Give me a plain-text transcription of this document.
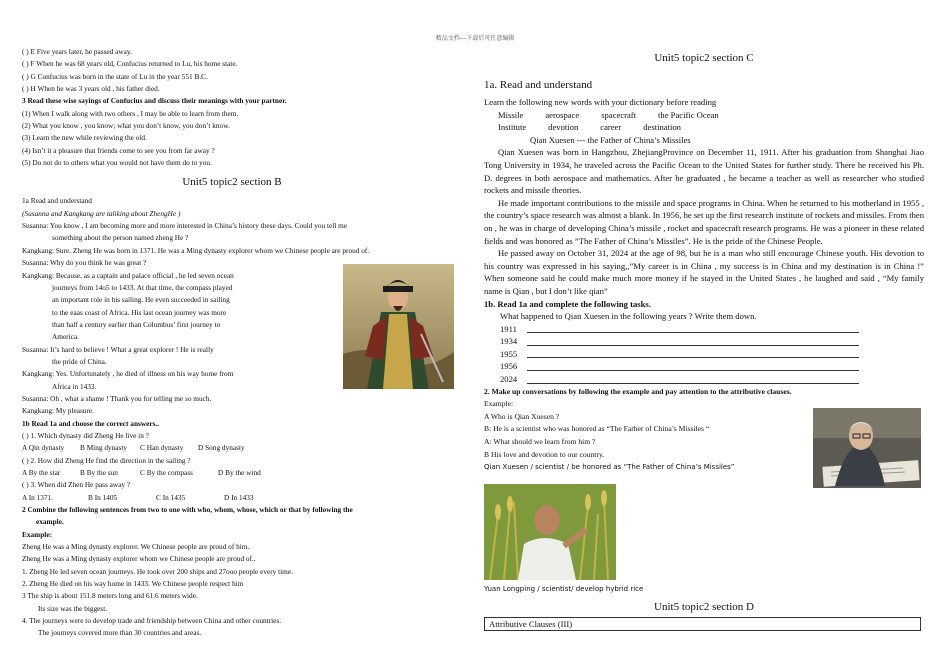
精品文档---下载后可任意编辑
( ) E Five years later, he passed away.
( ) F When he was 68 years old, Confucius returned to Lu, his home state.
( ) G Confucius was born in the state of Lu in the year 551 B.C.
( ) H When he was 3 years old , his father died.
3 Read these wise sayings of Confucius and discuss their meanings with your partner.
(1) When I walk along with two others , I may be able to learn from them.
(2) What you know , you know; what you don’t know, you don’t know.
(3) Learn the new while reviewing the old.
(4) Isn’t it a pleasure that friends come to see you from far away ?
(5) Do not do to others what you would not have them do to you.
Unit5 topic2 section B
1a Read and understand
(Susanna and Kangkang are taliking about ZhengHe )
Susanna: You know , I am becoming more and more interested in China’s history these days. Could you tell me
something about the person named zheng He ?
Kangkang: Sure. Zheng He was born in 1371. He was a Ming dynasty explorer whom we Chinese people are proud of.
Susanna: Why do you think he was great ?
Kangkang: Because, as a captain and palace official , he led seven ocean
journeys from 14o5 to 1433. At that time, the compass played
an important role in his sailing. He even succeeded in sailing
to the eaas coast of Africa. His last ocean journey was more
than half a century earlier than Columbus’ first journey to
America.
Susanna: It’s hard to believe ! What a great explorer ! He is really
the pride of China.
Kangkang: Yes. Unfortunately , he died of illness on his way home from
Africa in 1433.
Susanna: Oh , what a shame ! Thank you for telling me so much.
Kangkang: My pleasure.
1b Read 1a and choose the correct answers..
( ) 1. Which dynasty did Zheng He live in ?
A Qin dynasty B Ming dynasty C Han dynasty D Song dynasty
( ) 2. How did Zheng He find the direction in the sailing ?
A By the star	B By the sun	C By the compass	D By the wind
( ) 3. When did Zhen He pass away ?
A In 1371.	B In 1405	C In 1435	D In 1433
2 Combine the following sentences from two to one with who, whom, whose, which or that by following the
example.
Example:
Zheng He was a Ming dynasty explorer. We Chinese people are proud of him.
Zheng He was a Ming dynasty explorer whom we Chinese people are proud of..
1. Zheng He led seven ocean journeys. He took over 200 ships and 27ooo people every time.
2. Zheng He died on his way home in 1433. We Chinese people respect him
3 The ship is about 151.8 meters long and 61.6 meters wide.
Its size was the biggest.
4. The journeys were to develop trade and friendship between China and other countries.
The journeys covered more than 30 countries and areas.
Unit5 topic2 section C
1a. Read and understand
Learn the following new words with your dictionary before reading
Missile	aerospace	spacecraft	the Pacific Ocean
Institute	devotion	career	destination
Qian Xuesen --- the Father of China’s Missiles
Qian Xuesen was born in Hangzhou, ZhejiangProvince on December 11, 1911. After his graduation from Shanghai Jiao Tong University in 1934, he traveled across the Pacific Ocean to the United States for further study. There he received his Ph. D. degrees in both aerospace and mathematics. After he graduated , he became a teacher as well as researcher who studied rockets and missile theories.
He made important contributions to the missile and space programs in China. When he returned to his motherland in 1955 , the country’s space research was almost a blank. In 1956, he set up the first research institute of rockets and missiles. From then on , he was in charge of developing China’s missile , rocket and spacecraft research programs. He was a pioneer in these related fields and was honored as ”The Father of China’s Missiles”. He is the pride of the Chinese People.
He passed away on October 31, 2024 at the age of 98, but he is a man who still encourage Chinese youth. His devotion to his country was expressed in his saying,,”My career is in China , my success is in China and my destination is in China !” When someone said he could make much more money if he stayed in the United States , he laughed and said , “My family name is Qian , but I don’t like qian”
1b. Read 1a and complete the following tasks.
What happened to Qian Xuesen in the following years ? Write them down.
1911
1934
1955
1956
2024
2. Make up conversations by following the example and pay attention to the attributive clauses.
Example:
A Who is Qian Xuesen ?
B: He is a scientist who was honored as “The Farher of China’s Missiles “
A: What should we learn from him ?
B His love and devotion to our country.
Qian Xuesen / scientist / be honored as “The Father of China’s Missiles”
Yuan Longping / scientist/ develop hybrid rice
Unit5 topic2 section D
Attributive Clauses (III)
